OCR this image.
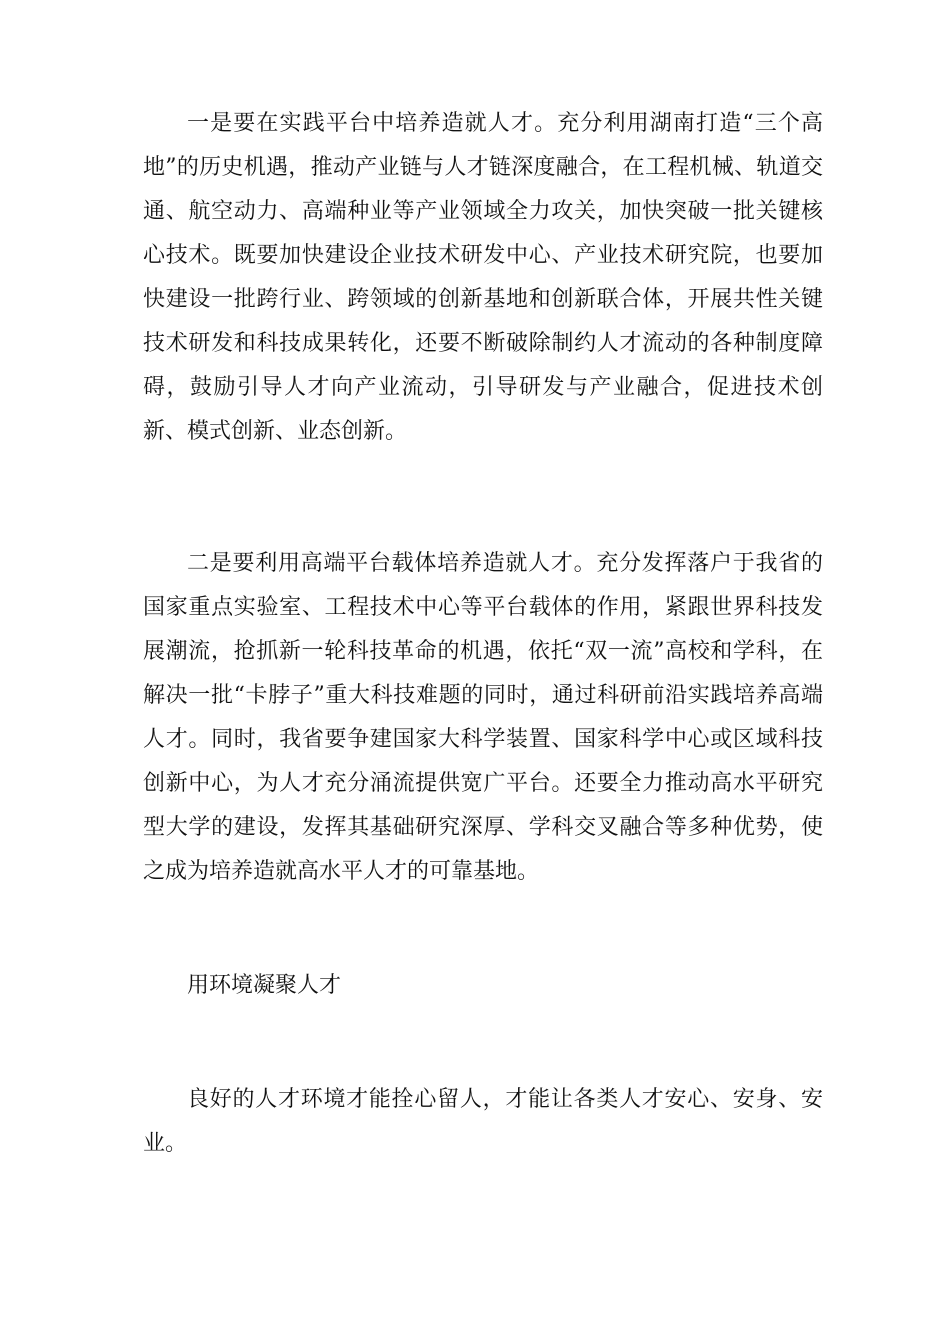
一是要在实践平台中培养造就人才。充分利用湖南打造“三个高地”的历史机遇，推动产业链与人才链深度融合，在工程机械、轨道交通、航空动力、高端种业等产业领域全力攻关，加快突破一批关键核心技术。既要加快建设企业技术研发中心、产业技术研究院，也要加快建设一批跨行业、跨领域的创新基地和创新联合体，开展共性关键技术研发和科技成果转化，还要不断破除制约人才流动的各种制度障碍，鼓励引导人才向产业流动，引导研发与产业融合，促进技术创新、模式创新、业态创新。

二是要利用高端平台载体培养造就人才。充分发挥落户于我省的国家重点实验室、工程技术中心等平台载体的作用，紧跟世界科技发展潮流，抢抓新一轮科技革命的机遇，依托“双一流”高校和学科，在解决一批“卡脖子”重大科技难题的同时，通过科研前沿实践培养高端人才。同时，我省要争建国家大科学装置、国家科学中心或区域科技创新中心，为人才充分涌流提供宽广平台。还要全力推动高水平研究型大学的建设，发挥其基础研究深厚、学科交叉融合等多种优势，使之成为培养造就高水平人才的可靠基地。

用环境凝聚人才

良好的人才环境才能拴心留人，才能让各类人才安心、安身、安业。
